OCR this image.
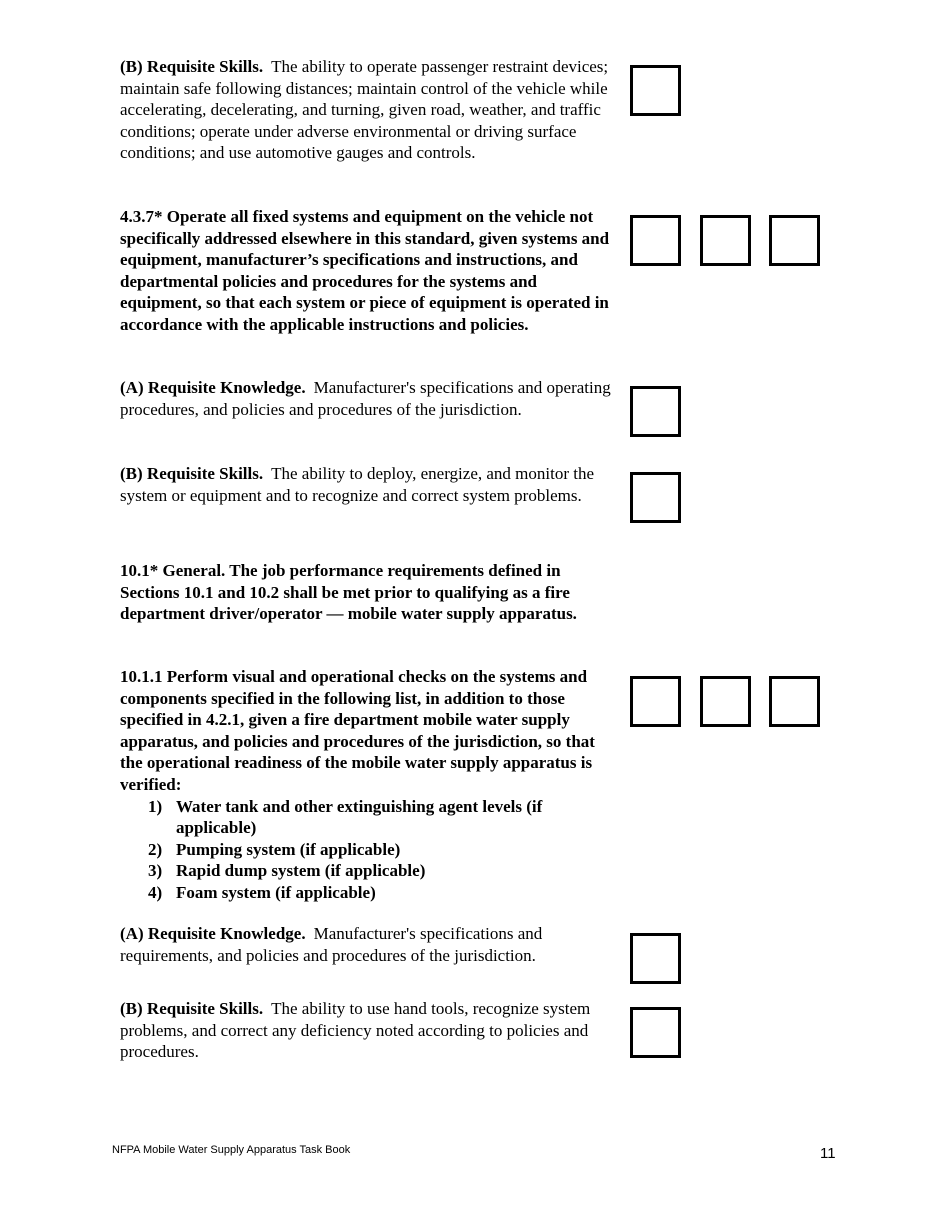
(B) Requisite Skills. The ability to operate passenger restraint devices; maintain safe following distances; maintain control of the vehicle while accelerating, decelerating, and turning, given road, weather, and traffic conditions; operate under adverse environmental or driving surface conditions; and use automotive gauges and controls.

4.3.7* Operate all fixed systems and equipment on the vehicle not specifically addressed elsewhere in this standard, given systems and equipment, manufacturer’s specifications and instructions, and departmental policies and procedures for the systems and equipment, so that each system or piece of equipment is operated in accordance with the applicable instructions and policies.

(A) Requisite Knowledge. Manufacturer's specifications and operating procedures, and policies and procedures of the jurisdiction.

(B) Requisite Skills. The ability to deploy, energize, and monitor the system or equipment and to recognize and correct system problems.

10.1* General. The job performance requirements defined in Sections 10.1 and 10.2 shall be met prior to qualifying as a fire department driver/operator — mobile water supply apparatus.

10.1.1 Perform visual and operational checks on the systems and components specified in the following list, in addition to those specified in 4.2.1, given a fire department mobile water supply apparatus, and policies and procedures of the jurisdiction, so that the operational readiness of the mobile water supply apparatus is verified:
1) Water tank and other extinguishing agent levels (if applicable)
2) Pumping system (if applicable)
3) Rapid dump system (if applicable)
4) Foam system (if applicable)

(A) Requisite Knowledge. Manufacturer's specifications and requirements, and policies and procedures of the jurisdiction.

(B) Requisite Skills. The ability to use hand tools, recognize system problems, and correct any deficiency noted according to policies and procedures.

NFPA Mobile Water Supply Apparatus Task Book	11
